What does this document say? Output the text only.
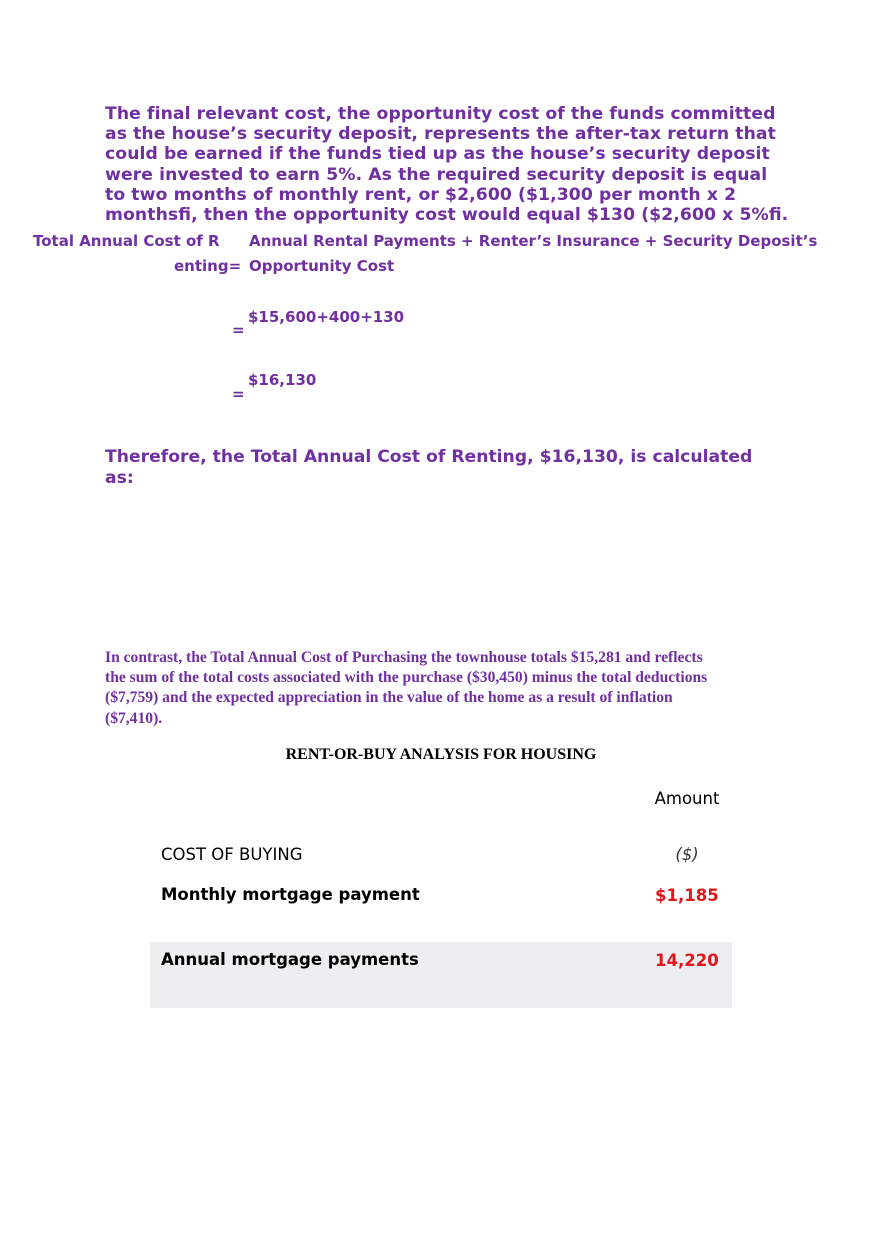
The final relevant cost, the opportunity cost of the funds committed
as the house’s security deposit, represents the after-tax return that
could be earned if the funds tied up as the house’s security deposit
were invested to earn 5%. As the required security deposit is equal
to two months of monthly rent, or $2,600 ($1,300 per month x 2
monthsﬁ, then the opportunity cost would equal $130 ($2,600 x 5%ﬁ.
Total Annual Cost of R
enting=
Annual Rental Payments + Renter’s Insurance + Security Deposit’s
Opportunity Cost
=
$15,600+400+130
=
$16,130
Therefore, the Total Annual Cost of Renting, $16,130, is calculated as:
In contrast, the Total Annual Cost of Purchasing the townhouse totals $15,281 and reflects
the sum of the total costs associated with the purchase ($30,450) minus the total deductions
($7,759) and the expected appreciation in the value of the home as a result of inflation
($7,410).
RENT-OR-BUY ANALYSIS FOR HOUSING
Amount
COST OF BUYING	($)
Monthly mortgage payment	$1,185
Annual mortgage payments	14,220
